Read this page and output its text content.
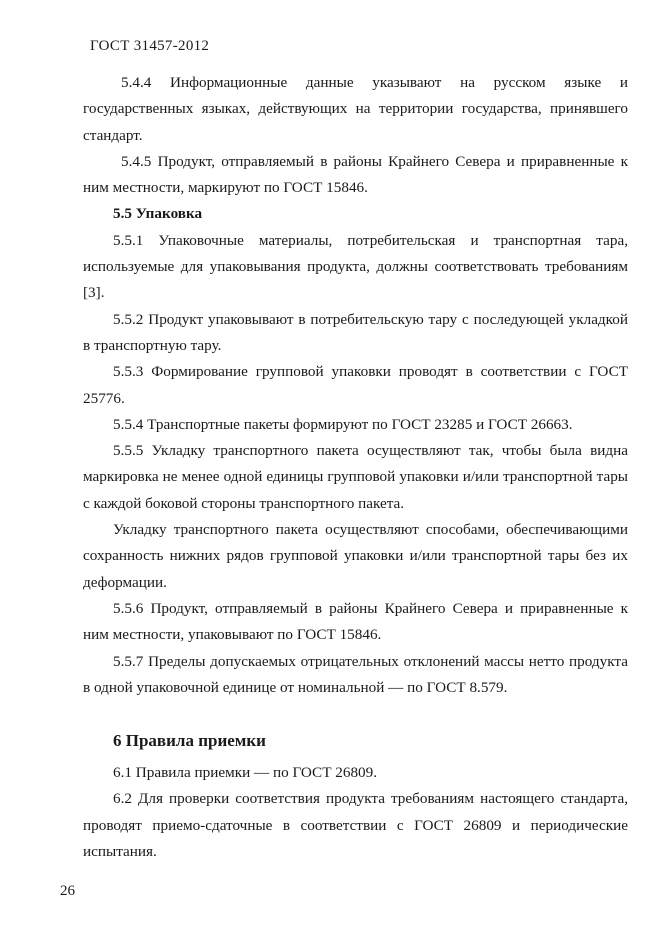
ГОСТ 31457-2012

5.4.4 Информационные данные указывают на русском языке и государственных языках, действующих на территории государства, принявшего стандарт.

5.4.5 Продукт, отправляемый в районы Крайнего Севера и приравненные к ним местности, маркируют по ГОСТ 15846.

5.5 Упаковка

5.5.1 Упаковочные материалы, потребительская и транспортная тара, используемые для упаковывания продукта, должны соответствовать требованиям [3].

5.5.2 Продукт упаковывают в потребительскую тару с последующей укладкой в транспортную тару.

5.5.3 Формирование групповой упаковки проводят в соответствии с ГОСТ 25776.

5.5.4 Транспортные пакеты формируют по ГОСТ 23285 и ГОСТ 26663.

5.5.5 Укладку транспортного пакета осуществляют так, чтобы была видна маркировка не менее одной единицы групповой упаковки и/или транспортной тары с каждой боковой стороны транспортного пакета.

Укладку транспортного пакета осуществляют способами, обеспечивающими сохранность нижних рядов групповой упаковки и/или транспортной тары без их деформации.

5.5.6 Продукт, отправляемый в районы Крайнего Севера и приравненные к ним местности, упаковывают по ГОСТ 15846.

5.5.7 Пределы допускаемых отрицательных отклонений массы нетто продукта в одной упаковочной единице от номинальной — по ГОСТ 8.579.

6 Правила приемки

6.1 Правила приемки — по ГОСТ 26809.

6.2 Для проверки соответствия продукта требованиям настоящего стандарта, проводят приемо-сдаточные в соответствии с ГОСТ 26809 и периодические испытания.

26
